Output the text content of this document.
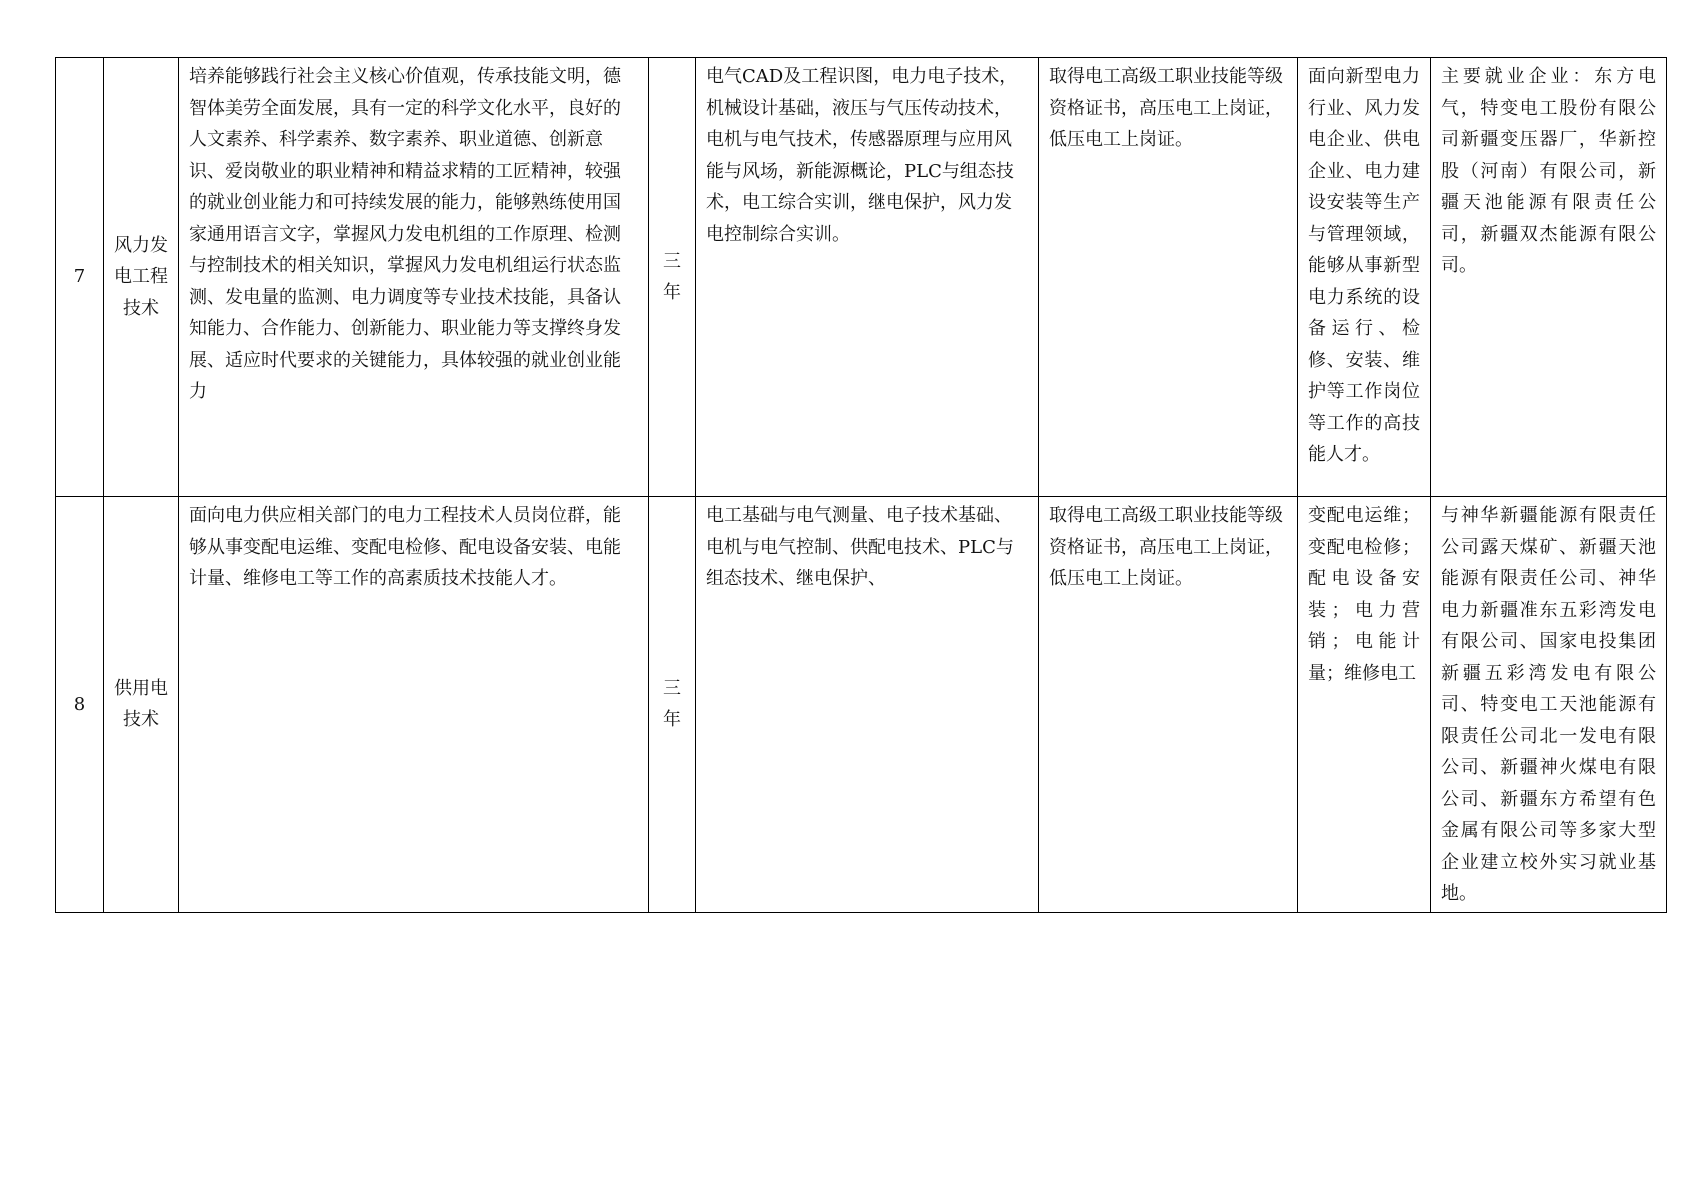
7	风力发电工程技术	培养能够践行社会主义核心价值观，传承技能文明，德智体美劳全面发展，具有一定的科学文化水平，良好的人文素养、科学素养、数字素养、职业道德、创新意识、爱岗敬业的职业精神和精益求精的工匠精神，较强的就业创业能力和可持续发展的能力，能够熟练使用国家通用语言文字，掌握风力发电机组的工作原理、检测与控制技术的相关知识，掌握风力发电机组运行状态监测、发电量的监测、电力调度等专业技术技能，具备认知能力、合作能力、创新能力、职业能力等支撑终身发展、适应时代要求的关键能力，具体较强的就业创业能力	三年	电气CAD及工程识图，电力电子技术，机械设计基础，液压与气压传动技术，电机与电气技术，传感器原理与应用风能与风场，新能源概论，PLC与组态技术，电工综合实训，继电保护，风力发电控制综合实训。	取得电工高级工职业技能等级资格证书，高压电工上岗证，低压电工上岗证。	面向新型电力行业、风力发电企业、供电企业、电力建设安装等生产与管理领域，能够从事新型电力系统的设备运行、检修、安装、维护等工作岗位等工作的高技能人才。	主要就业企业：东方电气，特变电工股份有限公司新疆变压器厂，华新控股（河南）有限公司，新疆天池能源有限责任公司，新疆双杰能源有限公司。
8	供用电技术	面向电力供应相关部门的电力工程技术人员岗位群，能够从事变配电运维、变配电检修、配电设备安装、电能计量、维修电工等工作的高素质技术技能人才。	三年	电工基础与电气测量、电子技术基础、电机与电气控制、供配电技术、PLC与组态技术、继电保护、	取得电工高级工职业技能等级资格证书，高压电工上岗证，低压电工上岗证。	变配电运维；变配电检修；配电设备安装；电力营销；电能计量；维修电工	与神华新疆能源有限责任公司露天煤矿、新疆天池能源有限责任公司、神华电力新疆准东五彩湾发电有限公司、国家电投集团新疆五彩湾发电有限公司、特变电工天池能源有限责任公司北一发电有限公司、新疆神火煤电有限公司、新疆东方希望有色金属有限公司等多家大型企业建立校外实习就业基地。
